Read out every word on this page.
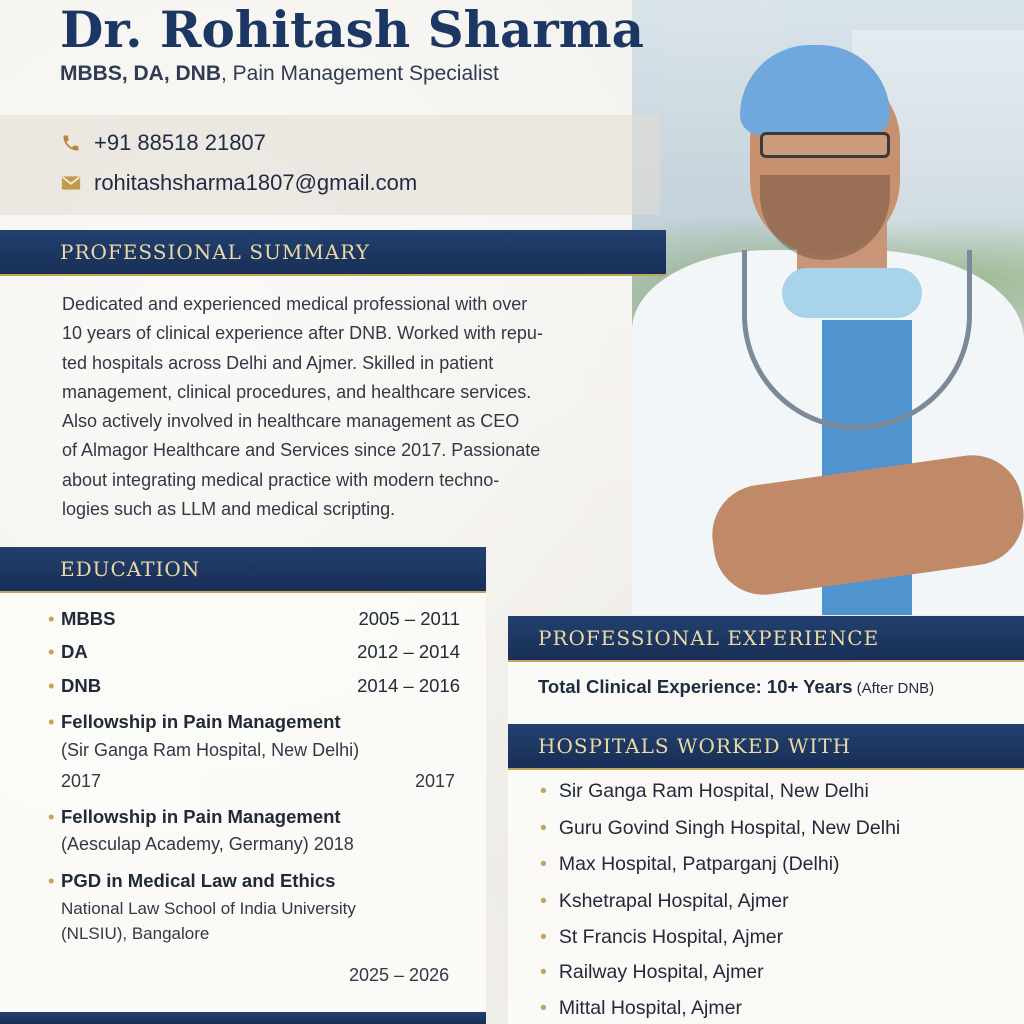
Dr. Rohitash Sharma
MBBS, DA, DNB, Pain Management Specialist
+91 88518 21807
rohitashsharma1807@gmail.com
PROFESSIONAL SUMMARY
Dedicated and experienced medical professional with over
10 years of clinical experience after DNB. Worked with repu-
ted hospitals across Delhi and Ajmer. Skilled in patient
management, clinical procedures, and healthcare services.
Also actively involved in healthcare management as CEO
of Almagor Healthcare and Services since 2017. Passionate
about integrating medical practice with modern techno-
logies such as LLM and medical scripting.
EDUCATION
• MBBS	2005 – 2011
• DA	2012 – 2014
• DNB	2014 – 2016
• Fellowship in Pain Management
(Sir Ganga Ram Hospital, New Delhi)
2017	2017
• Fellowship in Pain Management
(Aesculap Academy, Germany) 2018
• PGD in Medical Law and Ethics
National Law School of India University
(NLSIU), Bangalore
2025 – 2026
PROFESSIONAL EXPERIENCE
Total Clinical Experience: 10+ Years (After DNB)
HOSPITALS WORKED WITH
• Sir Ganga Ram Hospital, New Delhi
• Guru Govind Singh Hospital, New Delhi
• Max Hospital, Patparganj (Delhi)
• Kshetrapal Hospital, Ajmer
• St Francis Hospital, Ajmer
• Railway Hospital, Ajmer
• Mittal Hospital, Ajmer
